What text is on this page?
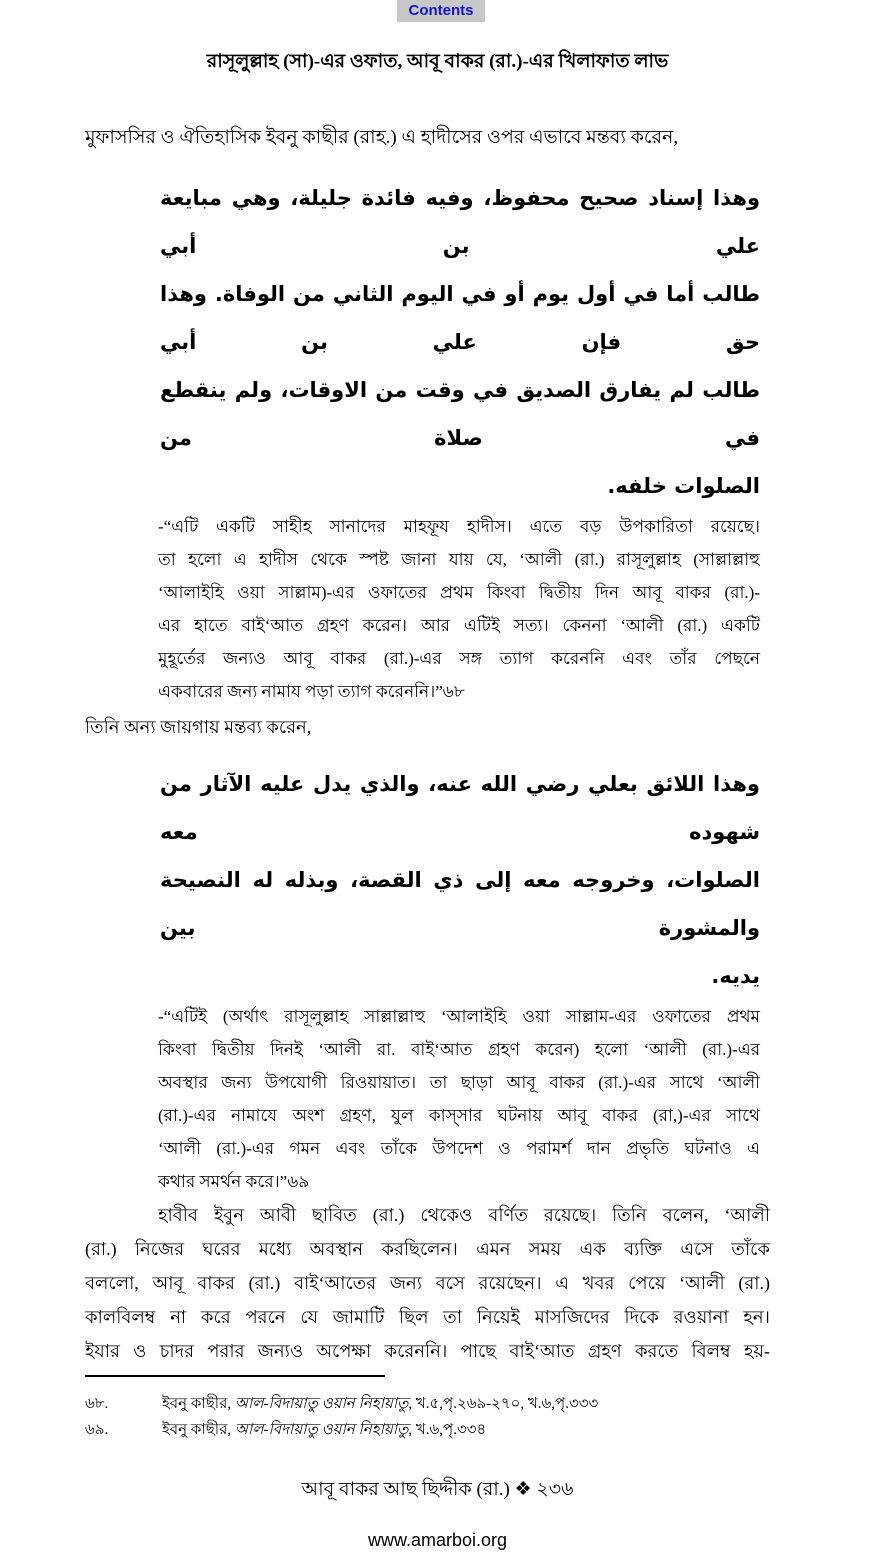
Contents
রাসূলুল্লাহ (সা)-এর ওফাত, আবূ বাকর (রা.)-এর খিলাফাত লাভ
মুফাসসির ও ঐতিহাসিক ইবনু কাছীর (রাহ.) এ হাদীসের ওপর এভাবে মন্তব্য করেন,
وهذا إسناد صحيح محفوظ، وفيه فائدة جليلة، وهي مبايعة علي بن أبي
طالب أما في أول يوم أو في اليوم الثاني من الوفاة. وهذا حق فإن علي بن أبي
طالب لم يفارق الصديق في وقت من الاوقات، ولم ينقطع في صلاة من
الصلوات خلفه.
-“এটি একটি সাহীহ সানাদের মাহফূয হাদীস। এতে বড় উপকারিতা রয়েছে।
তা হলো এ হাদীস থেকে স্পষ্ট জানা যায় যে, ‘আলী (রা.) রাসূলুল্লাহ (সাল্লাল্লাহু
‘আলাইহি ওয়া সাল্লাম)-এর ওফাতের প্রথম কিংবা দ্বিতীয় দিন আবূ বাকর (রা.)-
এর হাতে বাই‘আত গ্রহণ করেন। আর এটিই সত্য। কেননা ‘আলী (রা.) একটি
মুহূর্তের জন্যও আবূ বাকর (রা.)-এর সঙ্গ ত্যাগ করেননি এবং তাঁর পেছনে
একবারের জন্য নামায পড়া ত্যাগ করেননি।”৬৮
তিনি অন্য জায়গায় মন্তব্য করেন,
وهذا اللائق بعلي رضي الله عنه، والذي يدل عليه الآثار من شهوده معه
الصلوات، وخروجه معه إلى ذي القصة، وبذله له النصيحة والمشورة بين
يديه.
-“এটিই (অর্থাৎ রাসূলুল্লাহ সাল্লাল্লাহু ‘আলাইহি ওয়া সাল্লাম-এর ওফাতের প্রথম
কিংবা দ্বিতীয় দিনই ‘আলী রা. বাই‘আত গ্রহণ করেন) হলো ‘আলী (রা.)-এর
অবস্থার জন্য উপযোগী রিওয়ায়াত। তা ছাড়া আবূ বাকর (রা.)-এর সাথে ‘আলী
(রা.)-এর নামাযে অংশ গ্রহণ, যুল কাস্‌সার ঘটনায় আবূ বাকর (রা,)-এর সাথে
‘আলী (রা.)-এর গমন এবং তাঁকে উপদেশ ও পরামর্শ দান প্রভৃতি ঘটনাও এ
কথার সমর্থন করে।”৬৯
হাবীব ইবুন আবী ছাবিত (রা.) থেকেও বর্ণিত রয়েছে। তিনি বলেন, ‘আলী
(রা.) নিজের ঘরের মধ্যে অবস্থান করছিলেন। এমন সময় এক ব্যক্তি এসে তাঁকে
বললো, আবূ বাকর (রা.) বাই‘আতের জন্য বসে রয়েছেন। এ খবর পেয়ে ‘আলী (রা.)
কালবিলম্ব না করে পরনে যে জামাটি ছিল তা নিয়েই মাসজিদের দিকে রওয়ানা হন।
ইযার ও চাদর পরার জন্যও অপেক্ষা করেননি। পাছে বাই‘আত গ্রহণ করতে বিলম্ব হয়-
৬৮.	ইবনু কাছীর, আল-বিদায়াতু ওয়ান নিহায়াতু, খ.৫,পৃ.২৬৯-২৭০, খ.৬,পৃ.৩৩৩
৬৯.	ইবনু কাছীর, আল-বিদায়াতু ওয়ান নিহায়াতু, খ.৬,পৃ.৩৩৪
আবূ বাকর আছ ছিদ্দীক (রা.) ❖ ২৩৬
www.amarboi.org
